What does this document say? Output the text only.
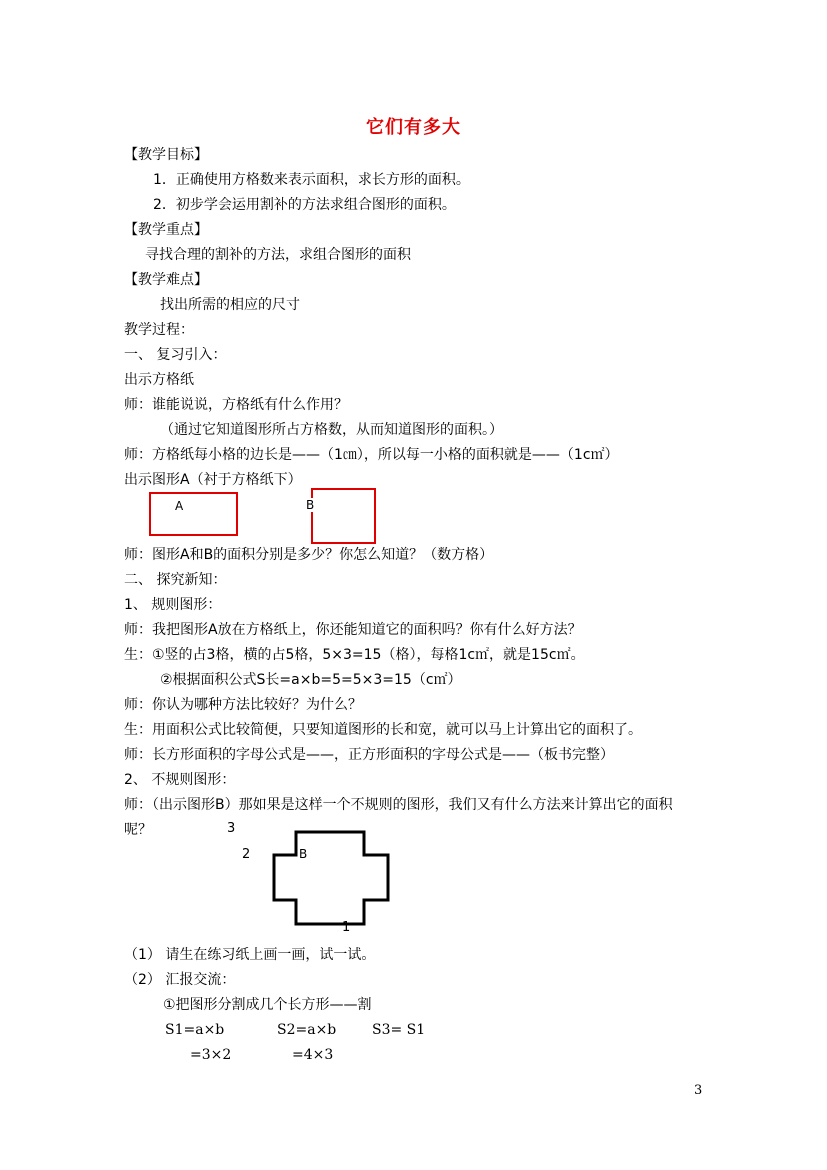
它们有多大
【教学目标】
1．正确使用方格数来表示面积，求长方形的面积。
2．初步学会运用割补的方法求组合图形的面积。
【教学重点】
寻找合理的割补的方法，求组合图形的面积
【教学难点】
找出所需的相应的尺寸
教学过程：
一、 复习引入：
出示方格纸
师：谁能说说，方格纸有什么作用？
（通过它知道图形所占方格数，从而知道图形的面积。）
师：方格纸每小格的边长是——（1㎝），所以每一小格的面积就是——（1c㎡）
出示图形A（衬于方格纸下）
A	B
师：图形A和B的面积分别是多少？你怎么知道？（数方格）
二、 探究新知：
1、 规则图形：
师：我把图形A放在方格纸上，你还能知道它的面积吗？你有什么好方法？
生：①竖的占3格，横的占5格，5×3=15（格），每格1c㎡，就是15c㎡。
②根据面积公式S长=a×b=5=5×3=15（c㎡）
师：你认为哪种方法比较好？为什么？
生：用面积公式比较简便，只要知道图形的长和宽，就可以马上计算出它的面积了。
师：长方形面积的字母公式是——，正方形面积的字母公式是——（板书完整）
2、 不规则图形：
师：（出示图形B）那如果是这样一个不规则的图形，我们又有什么方法来计算出它的面积
呢？	3
2
1
B
（1） 请生在练习纸上画一画，试一试。
（2） 汇报交流：
①把图形分割成几个长方形——割
S1=a×b	S2=a×b	S3= S1
=3×2	=4×3
3
